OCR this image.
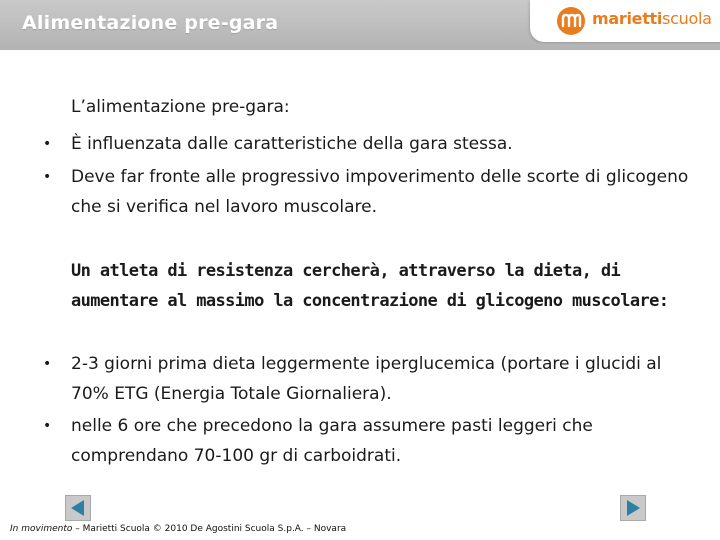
Alimentazione pre-gara	mariettiscuola
L’alimentazione pre-gara:
• È influenzata dalle caratteristiche della gara stessa.
• Deve far fronte alle progressivo impoverimento delle scorte di glicogeno che si verifica nel lavoro muscolare.
Un atleta di resistenza cercherà, attraverso la dieta, di aumentare al massimo la concentrazione di glicogeno muscolare:
• 2-3 giorni prima dieta leggermente iperglucemica (portare i glucidi al 70% ETG (Energia Totale Giornaliera).
• nelle 6 ore che precedono la gara assumere pasti leggeri che comprendano 70-100 gr di carboidrati.
In movimento – Marietti Scuola © 2010 De Agostini Scuola S.p.A. – Novara
